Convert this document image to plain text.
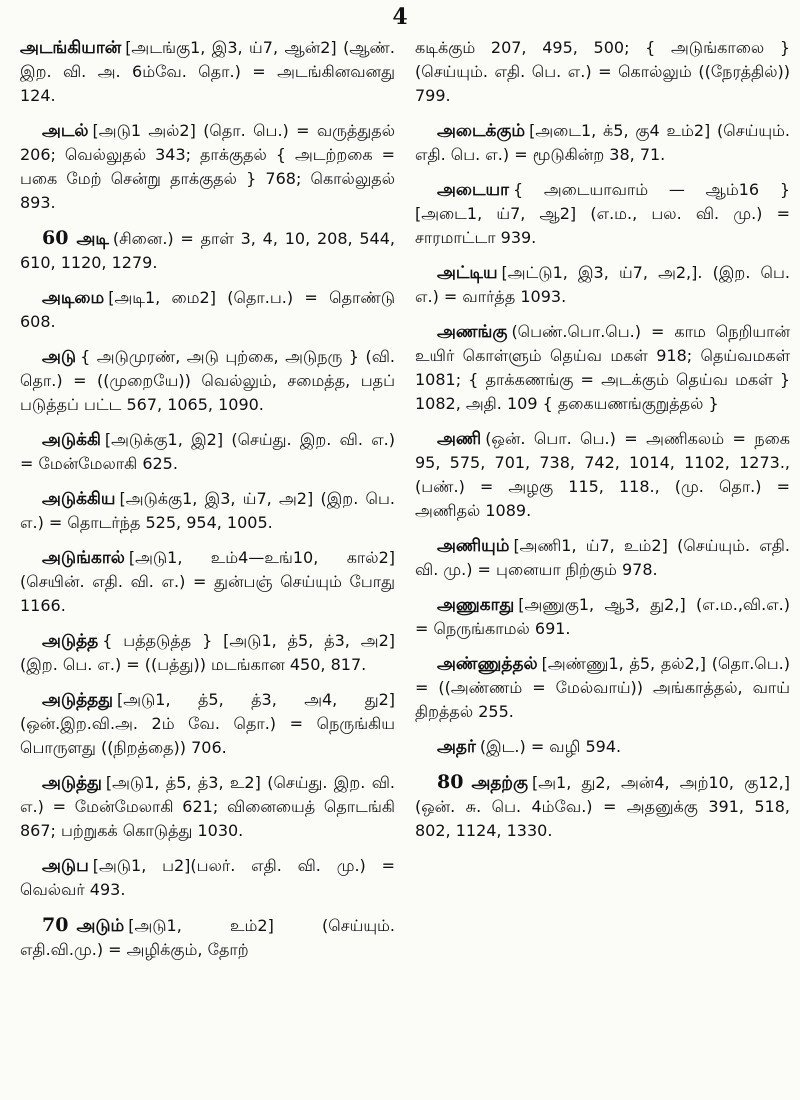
4
அடங்கியான் [அடங்கு1, இ3, ய்7, ஆன்2] (ஆண். இற. வி. அ. 6ம்வே. தொ.) = அடங்கினவனது 124.
அடல் [அடு1 அல்2] (தொ. பெ.) = வருத்துதல் 206; வெல்லுதல் 343; தாக்குதல் { அடற்றகை = பகை மேற் சென்று தாக்குதல் } 768; கொல்லுதல் 893.
60 அடி (சினை.) = தாள் 3, 4, 10, 208, 544, 610, 1120, 1279.
அடிமை [அடி1, மை2] (தொ.ப.) = தொண்டு 608.
அடு { அடுமுரண், அடு புற்கை, அடுநரு } (வி. தொ.) = ((முறையே)) வெல்லும், சமைத்த, பதப் படுத்தப் பட்ட 567, 1065, 1090.
அடுக்கி [அடுக்கு1, இ2] (செய்து. இற. வி. எ.) = மேன்மேலாகி 625.
அடுக்கிய [அடுக்கு1, இ3, ய்7, அ2] (இற. பெ. எ.) = தொடர்ந்த 525, 954, 1005.
அடுங்கால் [அடு1, உம்4—உங்10, கால்2] (செயின். எதி. வி. எ.) = துன்பஞ் செய்யும் போது 1166.
அடுத்த { பத்தடுத்த } [அடு1, த்5, த்3, அ2] (இற. பெ. எ.) = ((பத்து)) மடங்கான 450, 817.
அடுத்தது [அடு1, த்5, த்3, அ4, து2] (ஒன்.இற.வி.அ. 2ம் வே. தொ.) = நெருங்கிய பொருளது ((நிறத்தை)) 706.
அடுத்து [அடு1, த்5, த்3, உ2] (செய்து. இற. வி. எ.) = மேன்மேலாகி 621; வினையைத் தொடங்கி 867; பற்றுகக் கொடுத்து 1030.
அடுப [அடு1, ப2](பலர். எதி. வி. மு.) = வெல்வர் 493.
70 அடும் [அடு1, உம்2] (செய்யும். எதி.வி.மு.) = அழிக்கும், தோற்
கடிக்கும் 207, 495, 500; { அடுங்காலை } (செய்யும். எதி. பெ. எ.) = கொல்லும் ((நேரத்தில்)) 799.
அடைக்கும் [அடை1, க்5, கு4 உம்2] (செய்யும். எதி. பெ. எ.) = மூடுகின்ற 38, 71.
அடையா { அடையாவாம் — ஆம்16 } [அடை1, ய்7, ஆ2] (எ.ம., பல. வி. மு.) = சாரமாட்டா 939.
அட்டிய [அட்டு1, இ3, ய்7, அ2,]. (இற. பெ. எ.) = வார்த்த 1093.
அணங்கு (பெண்.பொ.பெ.) = காம நெறியான் உயிர் கொள்ளும் தெய்வ மகள் 918; தெய்வமகள் 1081; { தாக்கணங்கு = அடக்கும் தெய்வ மகள் } 1082, அதி. 109 { தகையணங்குறுத்தல் }
அணி (ஒன். பொ. பெ.) = அணிகலம் = நகை 95, 575, 701, 738, 742, 1014, 1102, 1273., (பண்.) = அழகு 115, 118., (மு. தொ.) = அணிதல் 1089.
அணியும் [அணி1, ய்7, உம்2] (செய்யும். எதி. வி. மு.) = புனையா நிற்கும் 978.
அணுகாது [அணுகு1, ஆ3, து2,] (எ.ம.,வி.எ.) = நெருங்காமல் 691.
அண்ணுத்தல் [அண்ணு1, த்5, தல்2,] (தொ.பெ.) = ((அண்ணம் = மேல்வாய்)) அங்காத்தல், வாய் திறத்தல் 255.
அதர் (இட.) = வழி 594.
80 அதற்கு [அ1, து2, அன்4, அற்10, கு12,] (ஒன். சு. பெ. 4ம்வே.) = அதனுக்கு 391, 518, 802, 1124, 1330.
